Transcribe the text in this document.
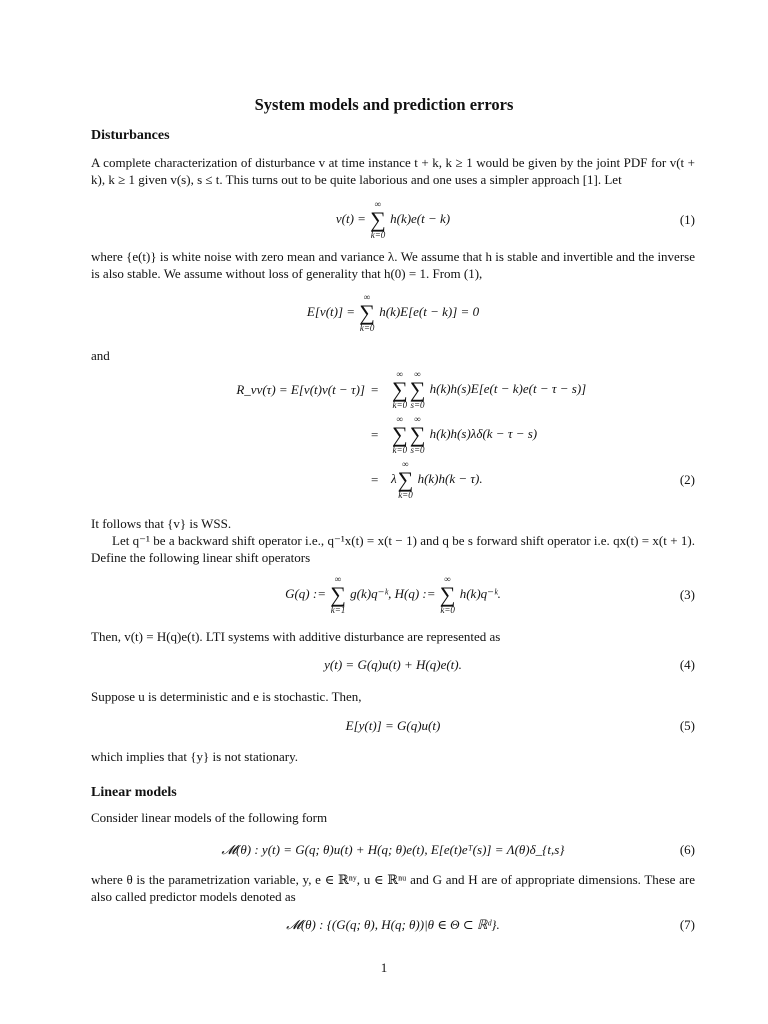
System models and prediction errors
Disturbances
A complete characterization of disturbance v at time instance t + k, k ≥ 1 would be given by the joint PDF for v(t + k), k ≥ 1 given v(s), s ≤ t. This turns out to be quite laborious and one uses a simpler approach [1]. Let
v(t) =
∞
∑
k=0
h(k)e(t − k)	(1)
where {e(t)} is white noise with zero mean and variance λ. We assume that h is stable and invertible and the inverse is also stable. We assume without loss of generality that h(0) = 1. From (1),
E[v(t)] =
∞
∑
k=0
h(k)E[e(t − k)] = 0
and
R_vv(τ) = E[v(t)v(t − τ)] =
∞
∑
k=0
∞
∑
s=0
h(k)h(s)E[e(t − k)e(t − τ − s)]
=
∞
∑
k=0
∞
∑
s=0
h(k)h(s)λδ(k − τ − s)
= λ
∞
∑
k=0
h(k)h(k − τ).	(2)
It follows that {v} is WSS.
Let q⁻¹ be a backward shift operator i.e., q⁻¹x(t) = x(t − 1) and q be s forward shift operator i.e. qx(t) = x(t + 1). Define the following linear shift operators
G(q) :=
∞
∑
k=1
g(k)q⁻ᵏ, H(q) :=
∞
∑
k=0
h(k)q⁻ᵏ.	(3)
Then, v(t) = H(q)e(t). LTI systems with additive disturbance are represented as
y(t) = G(q)u(t) + H(q)e(t).	(4)
Suppose u is deterministic and e is stochastic. Then,
E[y(t)] = G(q)u(t)	(5)
which implies that {y} is not stationary.
Linear models
Consider linear models of the following form
𝓜(θ) : y(t) = G(q; θ)u(t) + H(q; θ)e(t), E[e(t)eᵀ(s)] = Λ(θ)δ_{t,s}	(6)
where θ is the parametrization variable, y, e ∈ ℝⁿʸ, u ∈ ℝⁿᵘ and G and H are of appropriate dimensions. These are also called predictor models denoted as
𝓜(θ) : {(G(q; θ), H(q; θ))|θ ∈ Θ ⊂ ℝᵈ}.	(7)
1
